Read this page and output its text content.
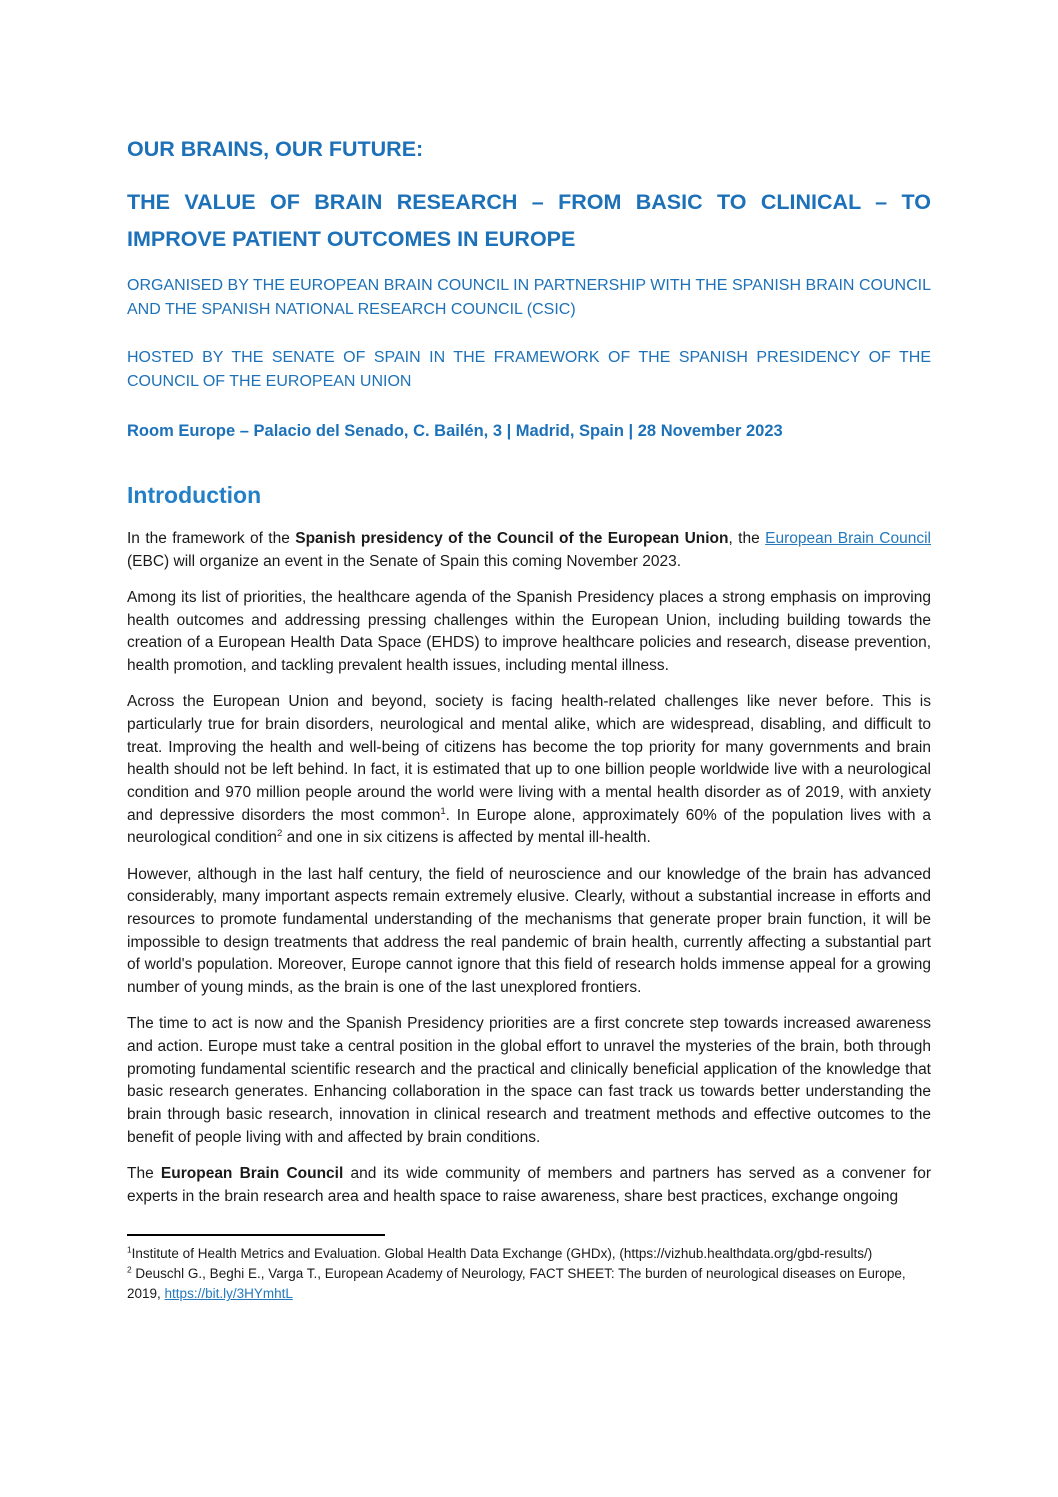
OUR BRAINS, OUR FUTURE:

THE VALUE OF BRAIN RESEARCH – FROM BASIC TO CLINICAL – TO IMPROVE PATIENT OUTCOMES IN EUROPE

ORGANISED BY THE EUROPEAN BRAIN COUNCIL IN PARTNERSHIP WITH THE SPANISH BRAIN COUNCIL AND THE SPANISH NATIONAL RESEARCH COUNCIL (CSIC)

HOSTED BY THE SENATE OF SPAIN IN THE FRAMEWORK OF THE SPANISH PRESIDENCY OF THE COUNCIL OF THE EUROPEAN UNION

Room Europe – Palacio del Senado, C. Bailén, 3 | Madrid, Spain | 28 November 2023

Introduction

In the framework of the Spanish presidency of the Council of the European Union, the European Brain Council (EBC) will organize an event in the Senate of Spain this coming November 2023.

Among its list of priorities, the healthcare agenda of the Spanish Presidency places a strong emphasis on improving health outcomes and addressing pressing challenges within the European Union, including building towards the creation of a European Health Data Space (EHDS) to improve healthcare policies and research, disease prevention, health promotion, and tackling prevalent health issues, including mental illness.

Across the European Union and beyond, society is facing health-related challenges like never before. This is particularly true for brain disorders, neurological and mental alike, which are widespread, disabling, and difficult to treat. Improving the health and well-being of citizens has become the top priority for many governments and brain health should not be left behind. In fact, it is estimated that up to one billion people worldwide live with a neurological condition and 970 million people around the world were living with a mental health disorder as of 2019, with anxiety and depressive disorders the most common$^1$. In Europe alone, approximately 60% of the population lives with a neurological condition$^2$ and one in six citizens is affected by mental ill-health.

However, although in the last half century, the field of neuroscience and our knowledge of the brain has advanced considerably, many important aspects remain extremely elusive. Clearly, without a substantial increase in efforts and resources to promote fundamental understanding of the mechanisms that generate proper brain function, it will be impossible to design treatments that address the real pandemic of brain health, currently affecting a substantial part of world's population. Moreover, Europe cannot ignore that this field of research holds immense appeal for a growing number of young minds, as the brain is one of the last unexplored frontiers.

The time to act is now and the Spanish Presidency priorities are a first concrete step towards increased awareness and action. Europe must take a central position in the global effort to unravel the mysteries of the brain, both through promoting fundamental scientific research and the practical and clinically beneficial application of the knowledge that basic research generates. Enhancing collaboration in the space can fast track us towards better understanding the brain through basic research, innovation in clinical research and treatment methods and effective outcomes to the benefit of people living with and affected by brain conditions.

The European Brain Council and its wide community of members and partners has served as a convener for experts in the brain research area and health space to raise awareness, share best practices, exchange ongoing

$^1$Institute of Health Metrics and Evaluation. Global Health Data Exchange (GHDx), (https://vizhub.healthdata.org/gbd-results/)

$^2$ Deuschl G., Beghi E., Varga T., European Academy of Neurology, FACT SHEET: The burden of neurological diseases on Europe, 2019, https://bit.ly/3HYmhtL
